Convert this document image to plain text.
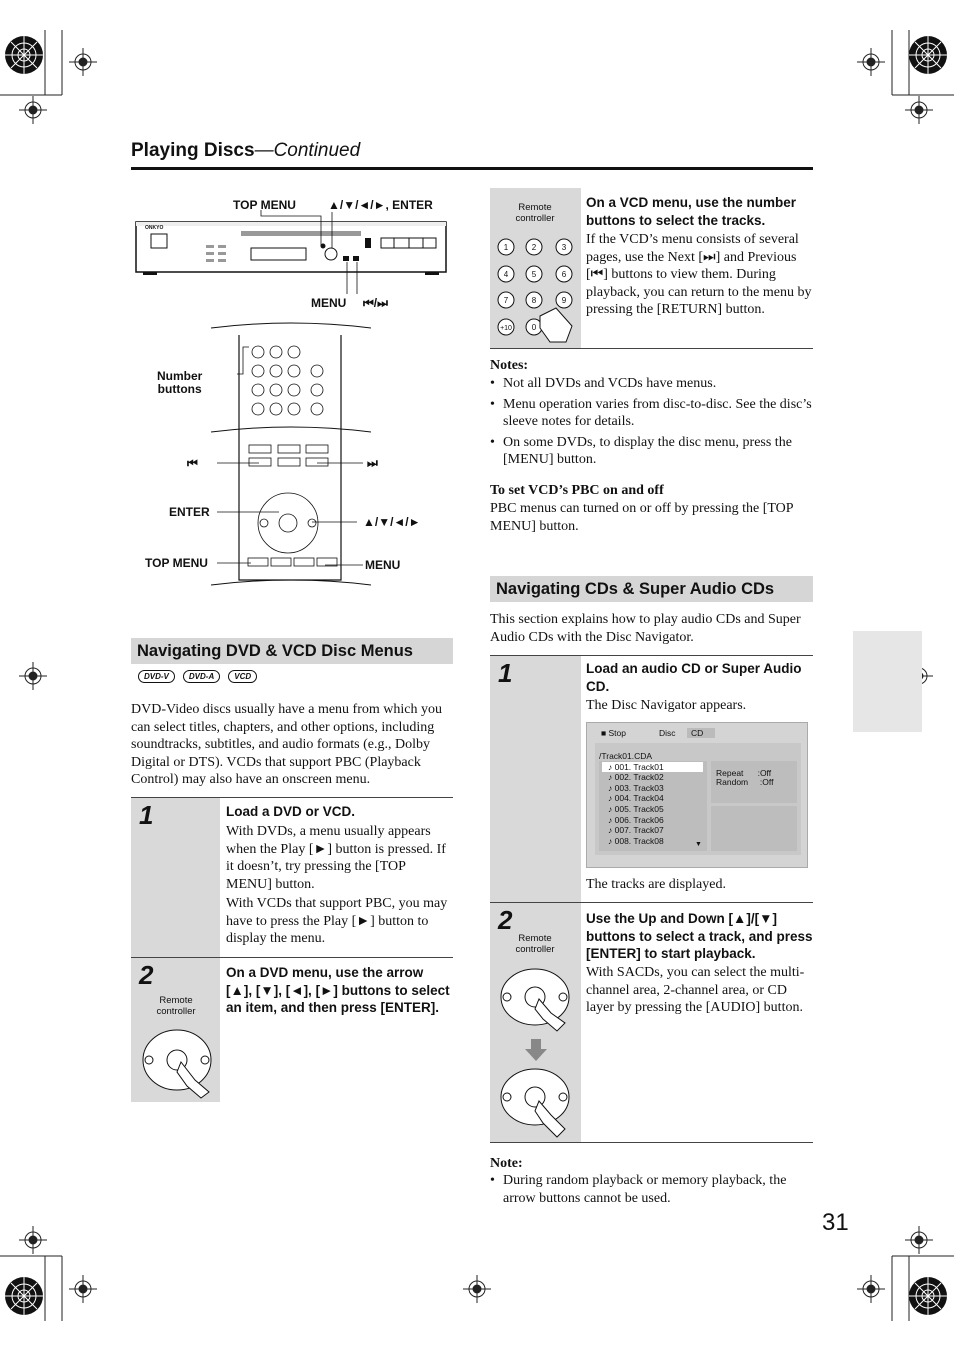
Playing Discs—Continued
TOP MENU	▲/▼/◄/►, ENTER
MENU ⏮/⏭
Number
buttons
⏮	⏭
ENTER
▲/▼/◄/►
TOP MENU	MENU
ONKYO
Navigating DVD & VCD Disc Menus
DVD-V	DVD-A	VCD
DVD-Video discs usually have a menu from which you can select titles, chapters, and other options, including soundtracks, subtitles, and audio formats (e.g., Dolby Digital or DTS). VCDs that support PBC (Playback Control) may also have an onscreen menu.
1	Load a DVD or VCD.
With DVDs, a menu usually appears when the Play [►] button is pressed. If it doesn’t, try pressing the [TOP MENU] button.
With VCDs that support PBC, you may have to press the Play [►] button to display the menu.
2
Remote
controller
On a DVD menu, use the arrow [▲], [▼], [◄], [►] buttons to select an item, and then press [ENTER].
Remote
controller
1	2	3
4	5	6
7	8	9
+10 0
On a VCD menu, use the number buttons to select the tracks.
If the VCD’s menu consists of several pages, use the Next [⏭] and Previous [⏮] buttons to view them. During playback, you can return to the menu by pressing the [RETURN] button.
Notes:
• Not all DVDs and VCDs have menus.
• Menu operation varies from disc-to-disc. See the disc’s sleeve notes for details.
• On some DVDs, to display the disc menu, press the [MENU] button.
To set VCD’s PBC on and off
PBC menus can turned on or off by pressing the [TOP MENU] button.
Navigating CDs & Super Audio CDs
This section explains how to play audio CDs and Super Audio CDs with the Disc Navigator.
1	Load an audio CD or Super Audio CD.
The Disc Navigator appears.
■ Stop	Disc	CD
/Track01.CDA
♪ 001. Track01
♪ 002. Track02
♪ 003. Track03
♪ 004. Track04
♪ 005. Track05
♪ 006. Track06
♪ 007. Track07
♪ 008. Track08	▼
Repeat      :Off
Random     :Off
The tracks are displayed.
2
Remote
controller
Use the Up and Down [▲]/[▼] buttons to select a track, and press [ENTER] to start playback.
With SACDs, you can select the multi-channel area, 2-channel area, or CD layer by pressing the [AUDIO] button.
Note:
• During random playback or memory playback, the arrow buttons cannot be used.
31
